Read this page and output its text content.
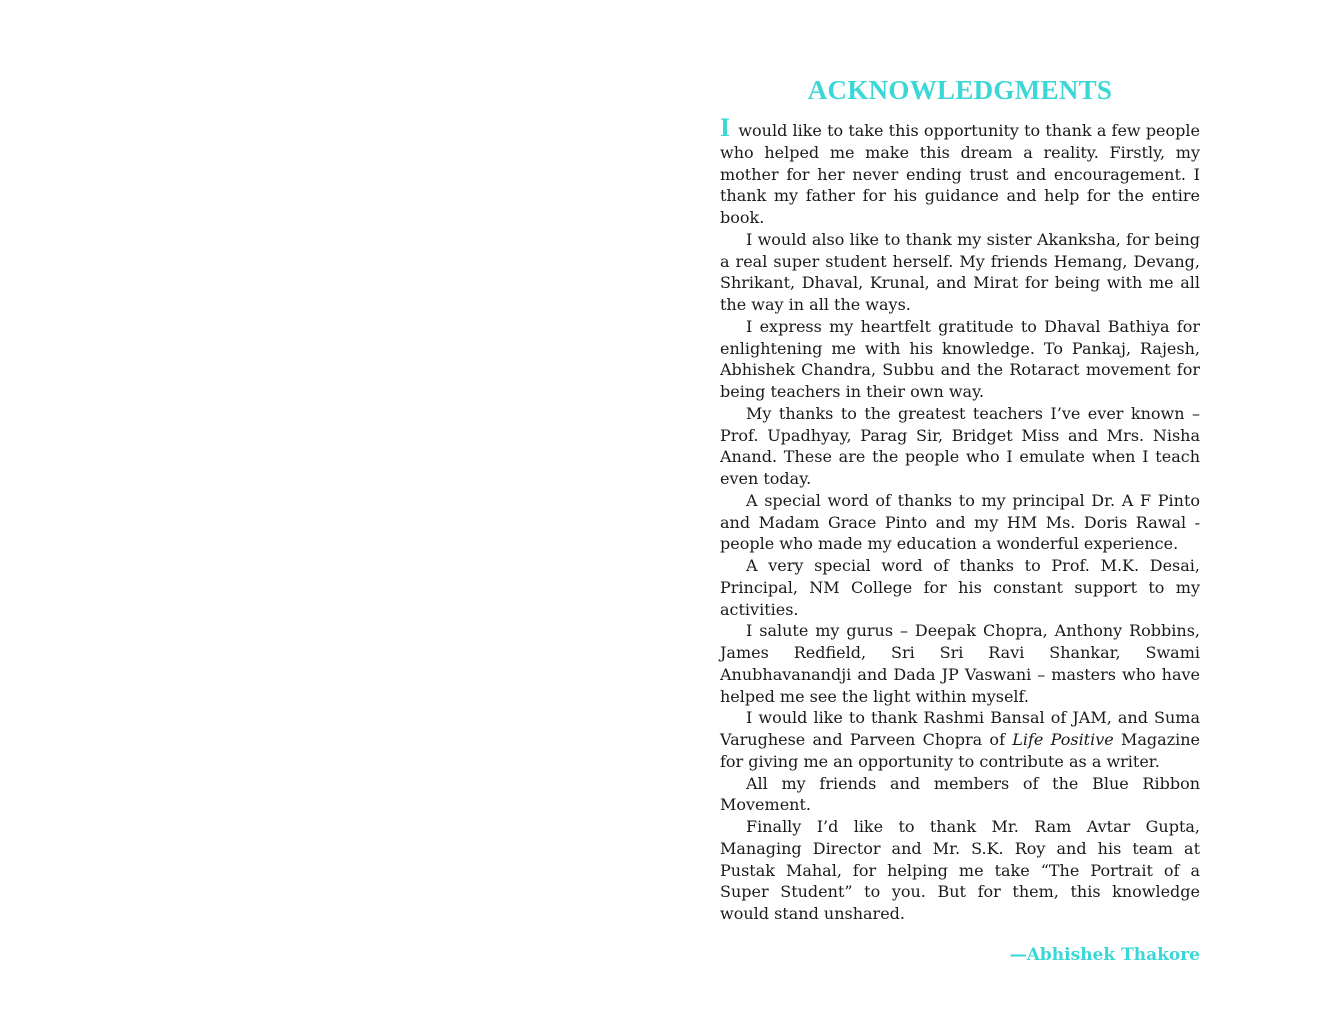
ACKNOWLEDGMENTS

I would like to take this opportunity to thank a few people who helped me make this dream a reality. Firstly, my mother for her never ending trust and encouragement. I thank my father for his guidance and help for the entire book.

I would also like to thank my sister Akanksha, for being a real super student herself. My friends Hemang, Devang, Shrikant, Dhaval, Krunal, and Mirat for being with me all the way in all the ways.

I express my heartfelt gratitude to Dhaval Bathiya for enlightening me with his knowledge. To Pankaj, Rajesh, Abhishek Chandra, Subbu and the Rotaract movement for being teachers in their own way.

My thanks to the greatest teachers I’ve ever known – Prof. Upadhyay, Parag Sir, Bridget Miss and Mrs. Nisha Anand. These are the people who I emulate when I teach even today.

A special word of thanks to my principal Dr. A F Pinto and Madam Grace Pinto and my HM Ms. Doris Rawal - people who made my education a wonderful experience.

A very special word of thanks to Prof. M.K. Desai, Principal, NM College for his constant support to my activities.

I salute my gurus – Deepak Chopra, Anthony Robbins, James Redfield, Sri Sri Ravi Shankar, Swami Anubhavanandji and Dada JP Vaswani – masters who have helped me see the light within myself.

I would like to thank Rashmi Bansal of JAM, and Suma Varughese and Parveen Chopra of Life Positive Magazine for giving me an opportunity to contribute as a writer.

All my friends and members of the Blue Ribbon Movement.

Finally I’d like to thank Mr. Ram Avtar Gupta, Managing Director and Mr. S.K. Roy and his team at Pustak Mahal, for helping me take “The Portrait of a Super Student” to you. But for them, this knowledge would stand unshared.

—Abhishek Thakore
